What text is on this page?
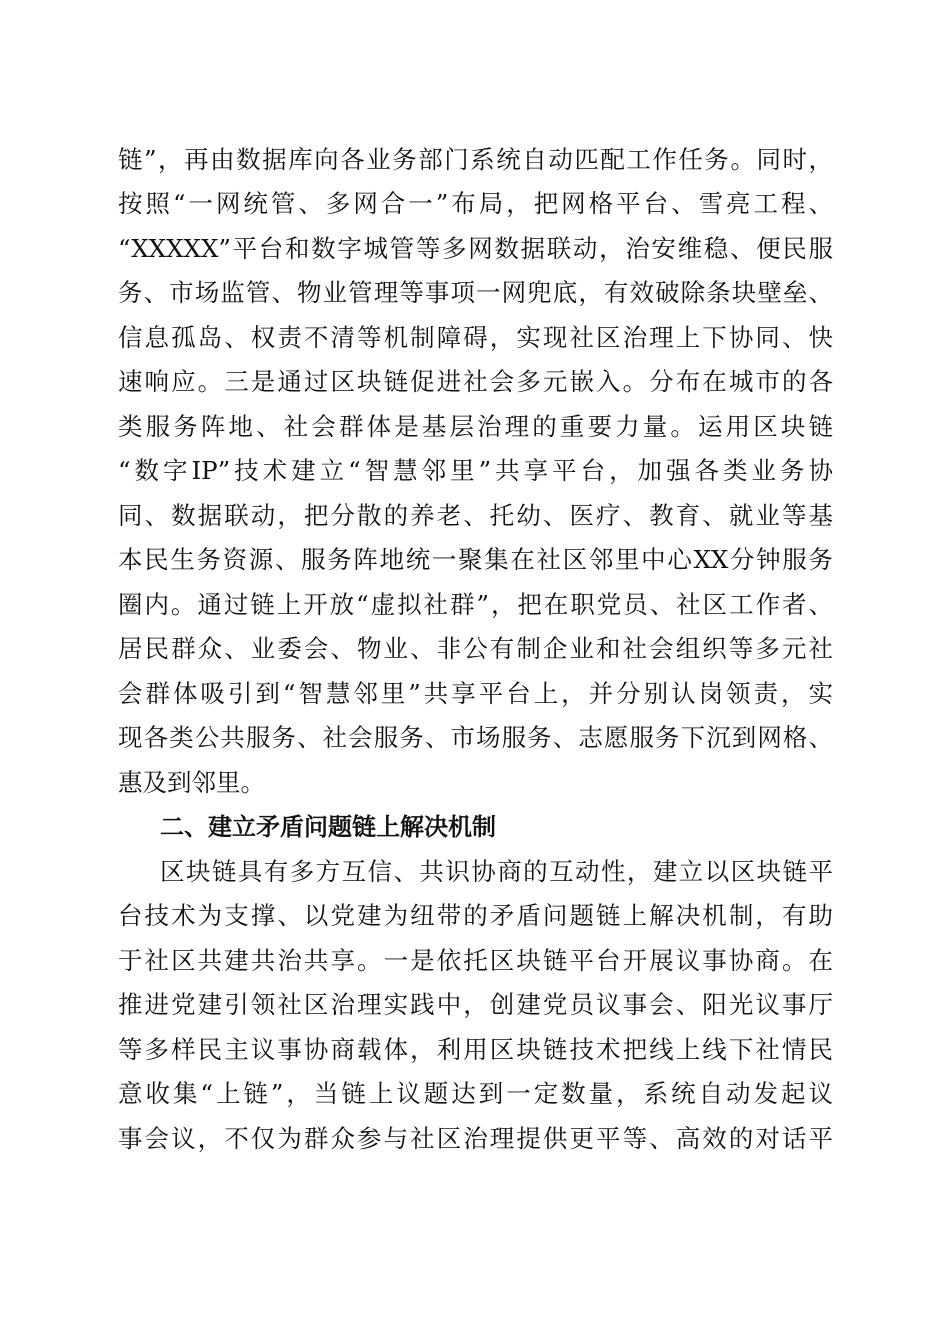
链”，再由数据库向各业务部门系统自动匹配工作任务。同时，
按照“一网统管、多网合一”布局，把网格平台、雪亮工程、
“XXXXX”平台和数字城管等多网数据联动，治安维稳、便民服
务、市场监管、物业管理等事项一网兜底，有效破除条块壁垒、
信息孤岛、权责不清等机制障碍，实现社区治理上下协同、快
速响应。三是通过区块链促进社会多元嵌入。分布在城市的各
类服务阵地、社会群体是基层治理的重要力量。运用区块链
“数字IP”技术建立“智慧邻里”共享平台，加强各类业务协
同、数据联动，把分散的养老、托幼、医疗、教育、就业等基
本民生务资源、服务阵地统一聚集在社区邻里中心XX分钟服务
圈内。通过链上开放“虚拟社群”，把在职党员、社区工作者、
居民群众、业委会、物业、非公有制企业和社会组织等多元社
会群体吸引到“智慧邻里”共享平台上，并分别认岗领责，实
现各类公共服务、社会服务、市场服务、志愿服务下沉到网格、
惠及到邻里。
二、建立矛盾问题链上解决机制
区块链具有多方互信、共识协商的互动性，建立以区块链平
台技术为支撑、以党建为纽带的矛盾问题链上解决机制，有助
于社区共建共治共享。一是依托区块链平台开展议事协商。在
推进党建引领社区治理实践中，创建党员议事会、阳光议事厅
等多样民主议事协商载体，利用区块链技术把线上线下社情民
意收集“上链”，当链上议题达到一定数量，系统自动发起议
事会议，不仅为群众参与社区治理提供更平等、高效的对话平
